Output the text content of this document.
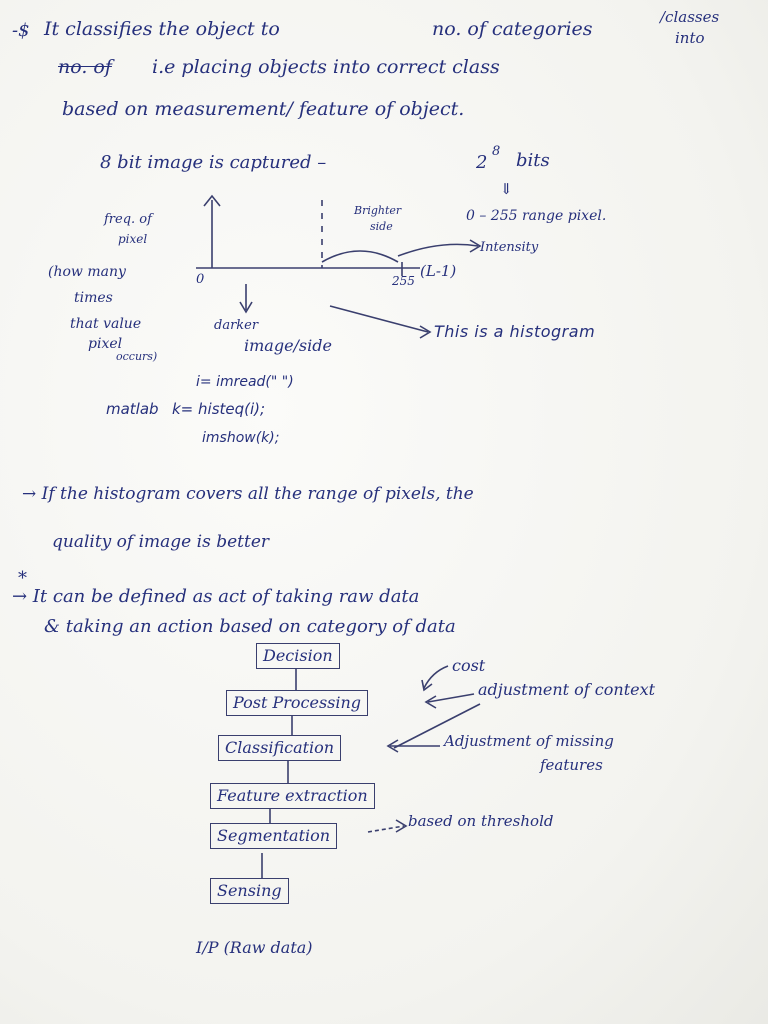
-$ It classifies the object to	no. of categories
/classes
into
no. of i.e placing objects into correct class
based on measurement/ feature of object.
8 bit image is captured –	2
8 bits
⇓
0 – 255 range pixel.
freq. of
pixel
(how many
times
that value
pixel
occurs)
0	255
(L-1)
Brighter
side
Intensity
darker
image/side
This is a histogram
i= imread(" ")
matlab k= histeq(i);
imshow(k);
→ If the histogram covers all the range of pixels, the
quality of image is better
*
→ It can be defined as act of taking raw data
& taking an action based on category of data
Decision
Post Processing
Classification
Feature extraction
Segmentation
Sensing
cost
adjustment of context
Adjustment of missing
features
based on threshold
I/P (Raw data)
